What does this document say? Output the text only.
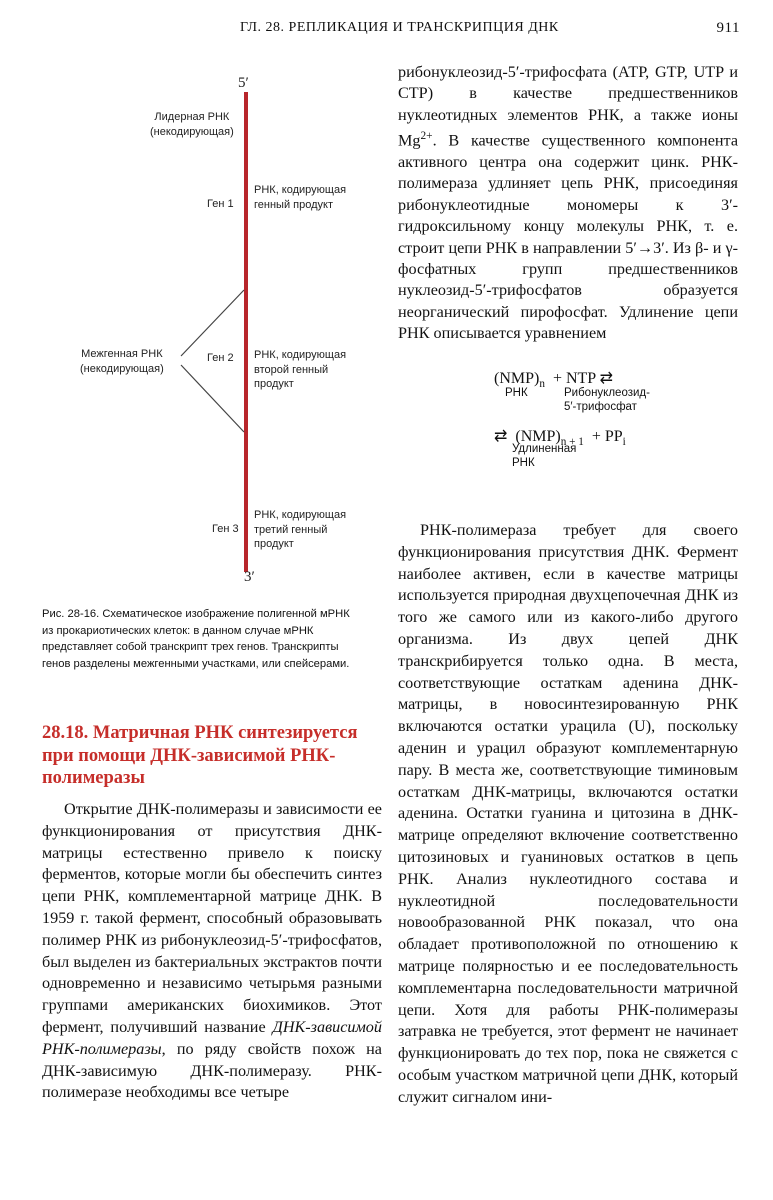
ГЛ. 28. РЕПЛИКАЦИЯ И ТРАНСКРИПЦИЯ ДНК	911
5′
3′
Лидерная РНК
(некодирующая)
Ген 1
РНК, кодирующая
генный продукт
Межгенная РНК
(некодирующая)
Ген 2 РНК, кодирующая
второй генный
продукт
Ген 3
РНК, кодирующая
третий генный
продукт
Рис. 28-16. Схематическое изображение полигенной мРНК из прокариотических клеток: в данном случае мРНК представляет собой транскрипт трех генов. Транскрипты генов разделены межгенными участками, или спейсерами.
28.18. Матричная РНК синтезируется при помощи ДНК-зависимой РНК-полимеразы

рибонуклеозид-5′-трифосфата (АТР, GTP, UTP и СТР) в качестве предшественников нуклеотидных элементов РНК, а также ионы $Mg^{2+}$. В качестве существенного компонента активного центра она содержит цинк. РНК-полимераза удлиняет цепь РНК, присоединяя рибонуклеотидные мономеры к 3′-гидроксильному концу молекулы РНК, т. е. строит цепи РНК в направлении 5′→3′. Из β- и γ-фосфатных групп предшественников нуклеозид-5′-трифосфатов образуется неорганический пирофосфат. Удлинение цепи РНК описывается уравнением

$(NMP)_n$ + NTP ⇄
РНК	Рибонуклеозид-
5′-трифосфат
⇄ $(NMP)_{n + 1} + PP_i$
Удлиненная
РНК
РНК-полимераза требует для своего функционирования присутствия ДНК. Фермент наиболее активен, если в качестве матрицы используется природная двухцепочечная ДНК из того же самого или из какого-либо другого организма. Из двух цепей ДНК транскрибируется только одна. В места, соответствующие остаткам аденина ДНК-матрицы, в новосинтезированную РНК включаются остатки урацила (U), поскольку аденин и урацил образуют комплементарную пару. В места же, соответствующие тиминовым остаткам ДНК-матрицы, включаются остатки аденина. Остатки гуанина и цитозина в ДНК-матрице определяют включение соответственно цитозиновых и гуаниновых остатков в цепь РНК. Анализ нуклеотидного состава и нуклеотидной последовательности новообразованной РНК показал, что она обладает противоположной по отношению к матрице полярностью и ее последовательность комплементарна последовательности матричной цепи. Хотя для работы РНК-полимеразы затравка не требуется, этот фермент не начинает функционировать до тех пор, пока не свяжется с особым участком матричной цепи ДНК, который служит сигналом ини-
Открытие ДНК-полимеразы и зависимости ее функционирования от присутствия ДНК-матрицы естественно привело к поиску ферментов, которые могли бы обеспечить синтез цепи РНК, комплементарной матрице ДНК. В 1959 г. такой фермент, способный образовывать полимер РНК из рибонуклеозид-5′-трифосфатов, был выделен из бактериальных экстрактов почти одновременно и независимо четырьмя разными группами американских биохимиков. Этот фермент, получивший название ДНК-зависимой РНК-полимеразы, по ряду свойств похож на ДНК-зависимую ДНК-полимеразу. РНК-полимеразе необходимы все четыре
